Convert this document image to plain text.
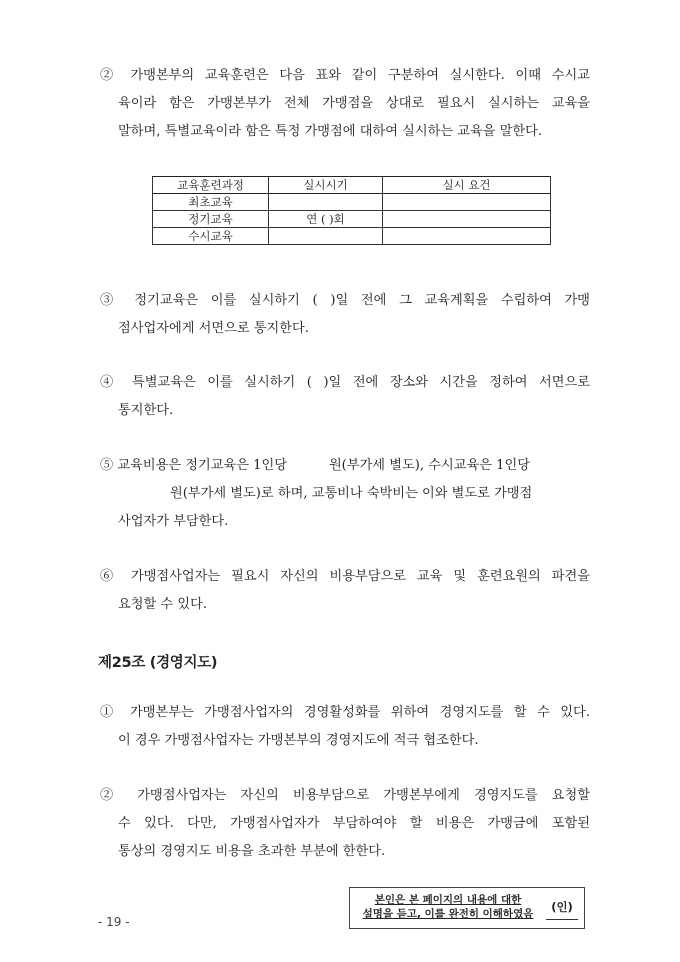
② 가맹본부의 교육훈련은 다음 표와 같이 구분하여 실시한다. 이때 수시교
육이라 함은 가맹본부가 전체 가맹점을 상대로 필요시 실시하는 교육을
말하며, 특별교육이라 함은 특정 가맹점에 대하여 실시하는 교육을 말한다.
교육훈련과정	실시시기	실시 요건
최초교육		
정기교육	연 ( )회	
수시교육		
③ 정기교육은 이를 실시하기 ( )일 전에 그 교육계획을 수립하여 가맹
점사업자에게 서면으로 통지한다.
④ 특별교육은 이를 실시하기 ( )일 전에 장소와 시간을 정하여 서면으로
통지한다.
⑤ 교육비용은 정기교육은 1인당          원(부가세 별도), 수시교육은 1인당
원(부가세 별도)로 하며, 교통비나 숙박비는 이와 별도로 가맹점
사업자가 부담한다.
⑥ 가맹점사업자는 필요시 자신의 비용부담으로 교육 및 훈련요원의 파견을
요청할 수 있다.
제25조 (경영지도)
① 가맹본부는 가맹점사업자의 경영활성화를 위하여 경영지도를 할 수 있다.
이 경우 가맹점사업자는 가맹본부의 경영지도에 적극 협조한다.
② 가맹점사업자는 자신의 비용부담으로 가맹본부에게 경영지도를 요청할
수 있다. 다만, 가맹점사업자가 부담하여야 할 비용은 가맹금에 포함된
통상의 경영지도 비용을 초과한 부분에 한한다.
- 19 -
본인은 본 페이지의 내용에 대한
설명을 듣고, 이를 완전히 이해하였음	(인)
